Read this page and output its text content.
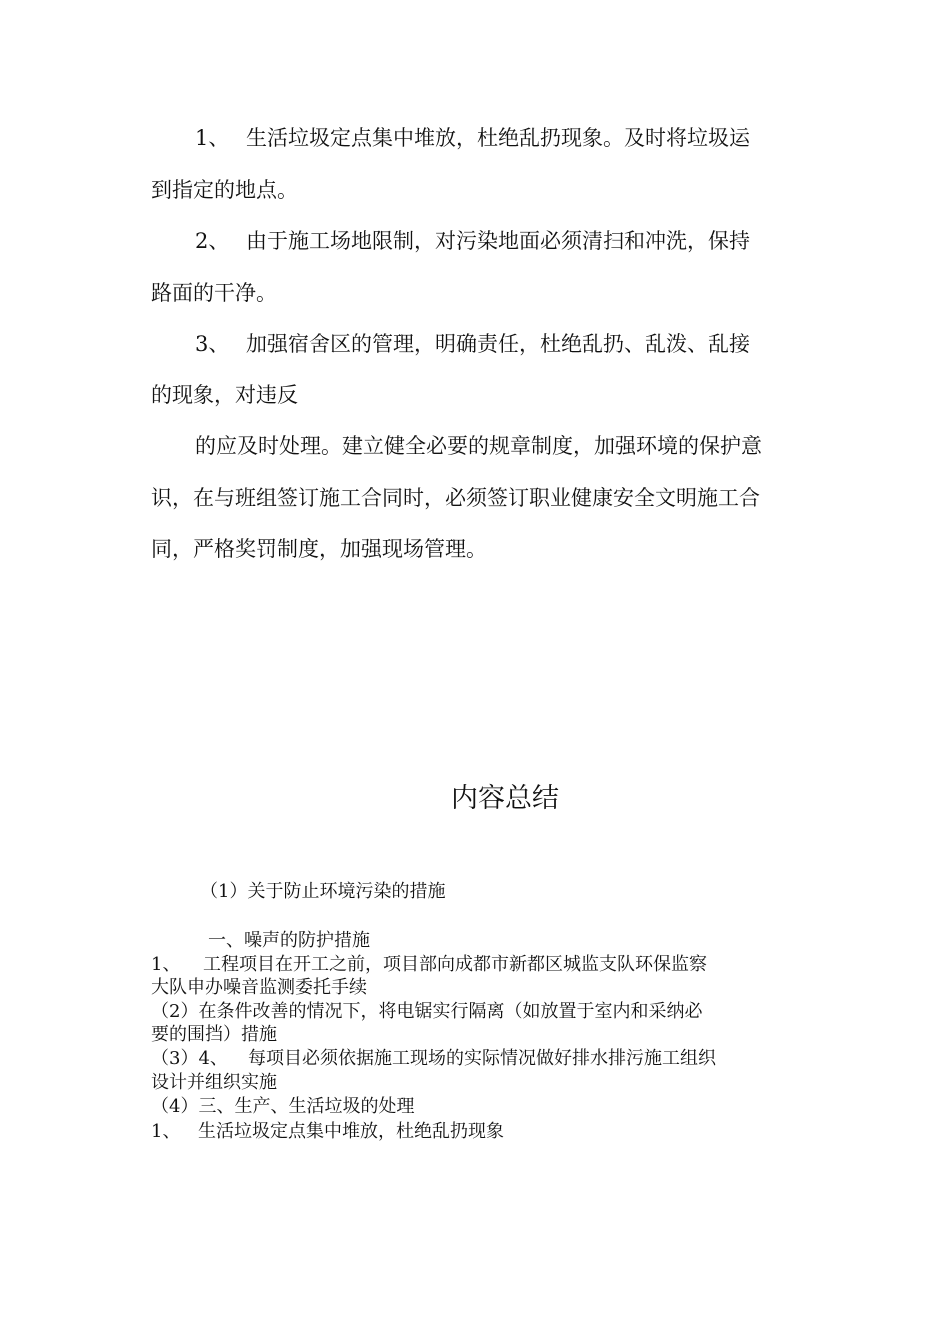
1、 生活垃圾定点集中堆放，杜绝乱扔现象。及时将垃圾运
到指定的地点。
2、 由于施工场地限制，对污染地面必须清扫和冲洗，保持
路面的干净。
3、 加强宿舍区的管理，明确责任，杜绝乱扔、乱泼、乱接
的现象，对违反
的应及时处理。建立健全必要的规章制度，加强环境的保护意
识，在与班组签订施工合同时，必须签订职业健康安全文明施工合
同，严格奖罚制度，加强现场管理。
内容总结
（1）关于防止环境污染的措施
一、噪声的防护措施
1、 工程项目在开工之前，项目部向成都市新都区城监支队环保监察
大队申办噪音监测委托手续
（2）在条件改善的情况下，将电锯实行隔离（如放置于室内和采纳必
要的围挡）措施
（3）4、 每项目必须依据施工现场的实际情况做好排水排污施工组织
设计并组织实施
（4）三、生产、生活垃圾的处理
1、 生活垃圾定点集中堆放，杜绝乱扔现象
